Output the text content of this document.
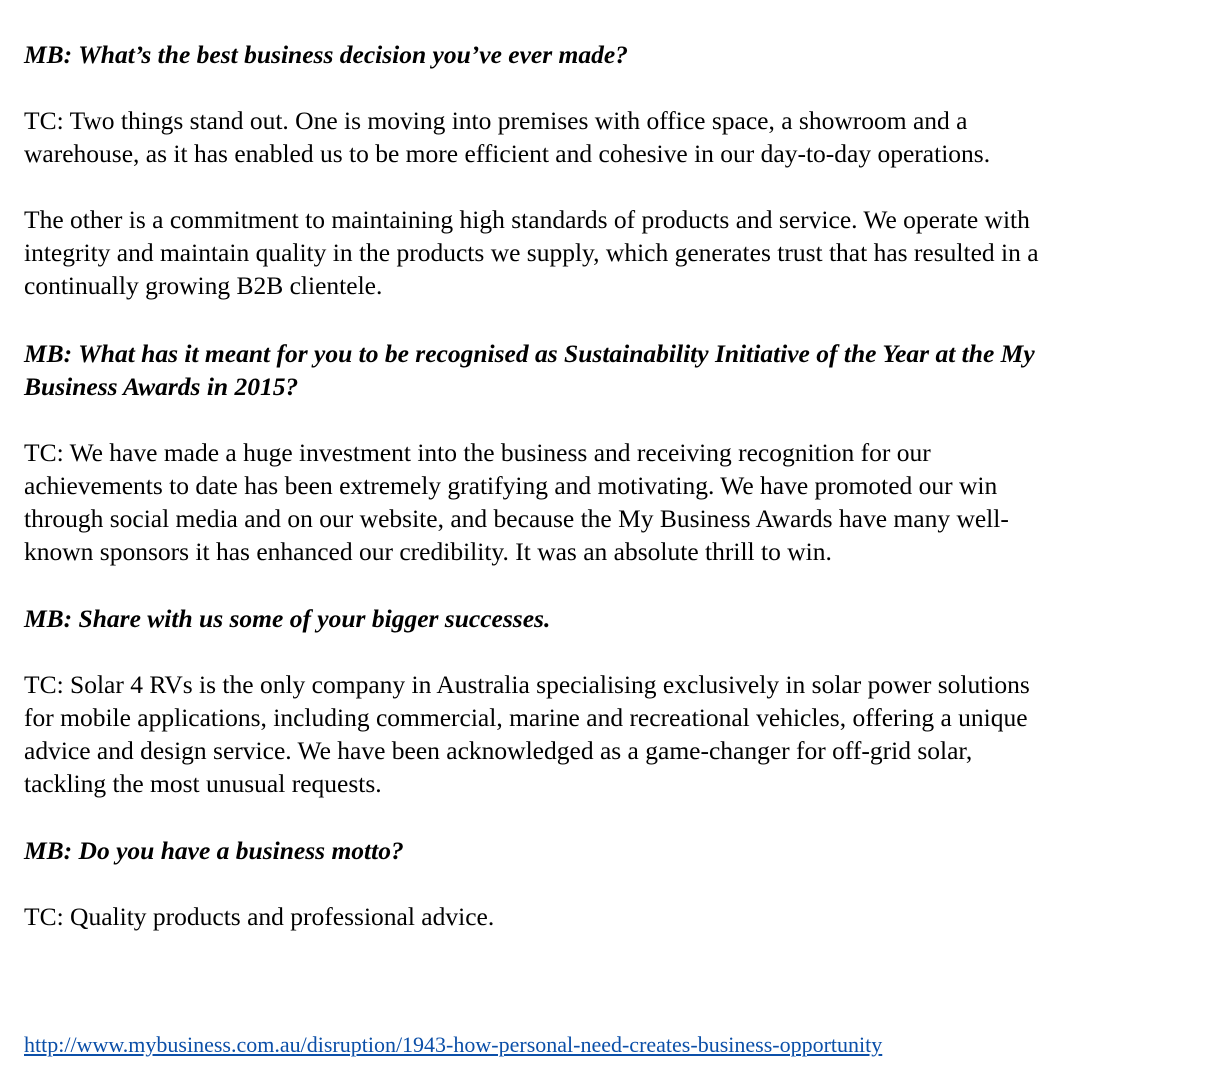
MB: What’s the best business decision you’ve ever made?
TC: Two things stand out. One is moving into premises with office space, a showroom and a
warehouse, as it has enabled us to be more efficient and cohesive in our day-to-day operations.
The other is a commitment to maintaining high standards of products and service. We operate with
integrity and maintain quality in the products we supply, which generates trust that has resulted in a
continually growing B2B clientele.
MB: What has it meant for you to be recognised as Sustainability Initiative of the Year at the My
Business Awards in 2015?
TC: We have made a huge investment into the business and receiving recognition for our
achievements to date has been extremely gratifying and motivating. We have promoted our win
through social media and on our website, and because the My Business Awards have many well-
known sponsors it has enhanced our credibility. It was an absolute thrill to win.
MB: Share with us some of your bigger successes.
TC: Solar 4 RVs is the only company in Australia specialising exclusively in solar power solutions
for mobile applications, including commercial, marine and recreational vehicles, offering a unique
advice and design service. We have been acknowledged as a game-changer for off-grid solar,
tackling the most unusual requests.
MB: Do you have a business motto?
TC: Quality products and professional advice.
http://www.mybusiness.com.au/disruption/1943-how-personal-need-creates-business-opportunity
